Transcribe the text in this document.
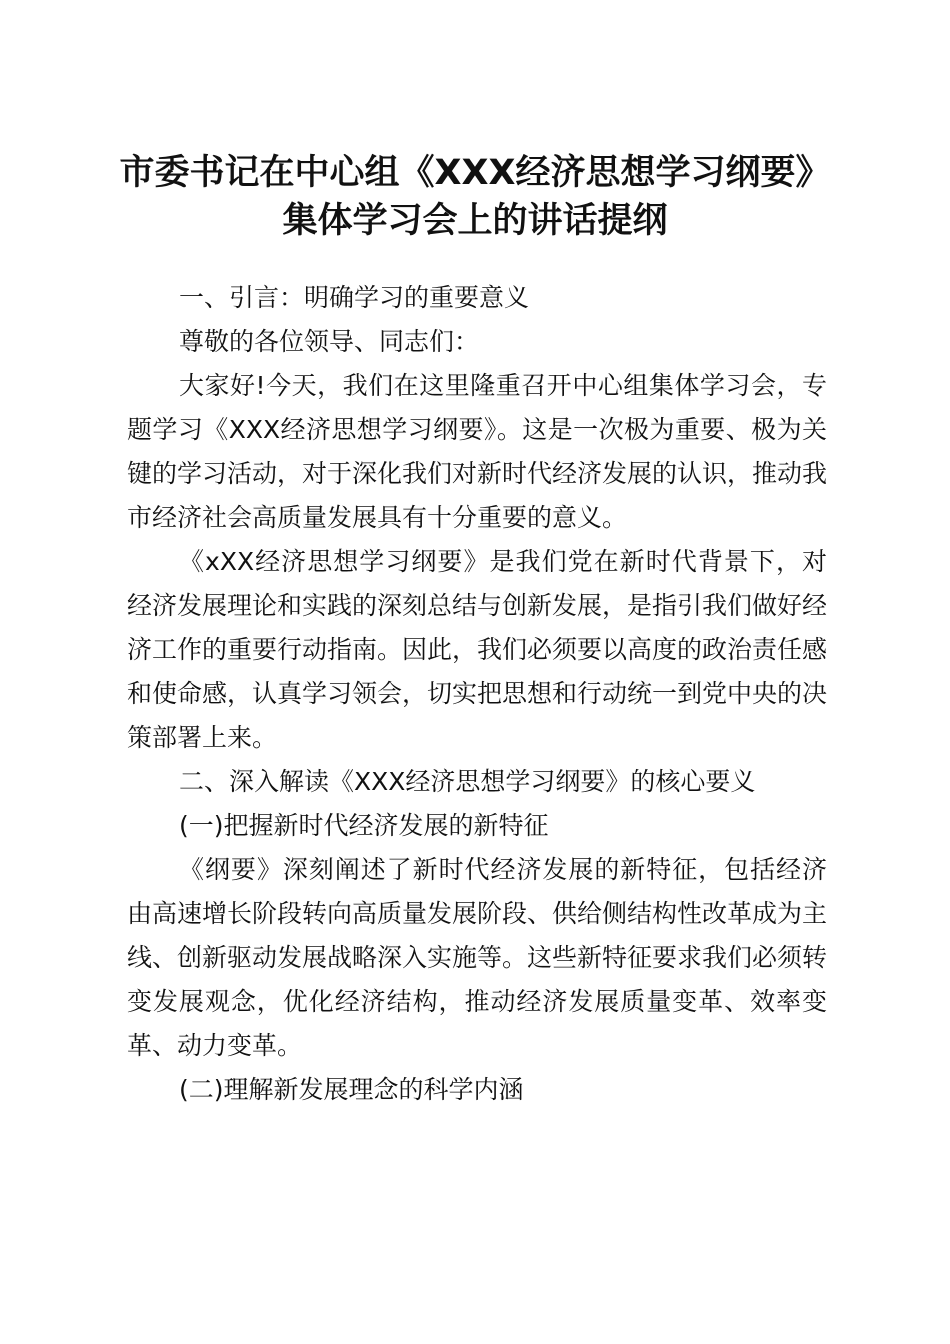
市委书记在中心组《XXX经济思想学习纲要》
集体学习会上的讲话提纲

一、引言：明确学习的重要意义

尊敬的各位领导、同志们：

大家好!今天，我们在这里隆重召开中心组集体学习会，专题学习《XXX经济思想学习纲要》。这是一次极为重要、极为关键的学习活动，对于深化我们对新时代经济发展的认识，推动我市经济社会高质量发展具有十分重要的意义。

《xXX经济思想学习纲要》是我们党在新时代背景下，对经济发展理论和实践的深刻总结与创新发展，是指引我们做好经济工作的重要行动指南。因此，我们必须要以高度的政治责任感和使命感，认真学习领会，切实把思想和行动统一到党中央的决策部署上来。

二、深入解读《XXX经济思想学习纲要》的核心要义

(一)把握新时代经济发展的新特征

《纲要》深刻阐述了新时代经济发展的新特征，包括经济由高速增长阶段转向高质量发展阶段、供给侧结构性改革成为主线、创新驱动发展战略深入实施等。这些新特征要求我们必须转变发展观念，优化经济结构，推动经济发展质量变革、效率变革、动力变革。

(二)理解新发展理念的科学内涵
